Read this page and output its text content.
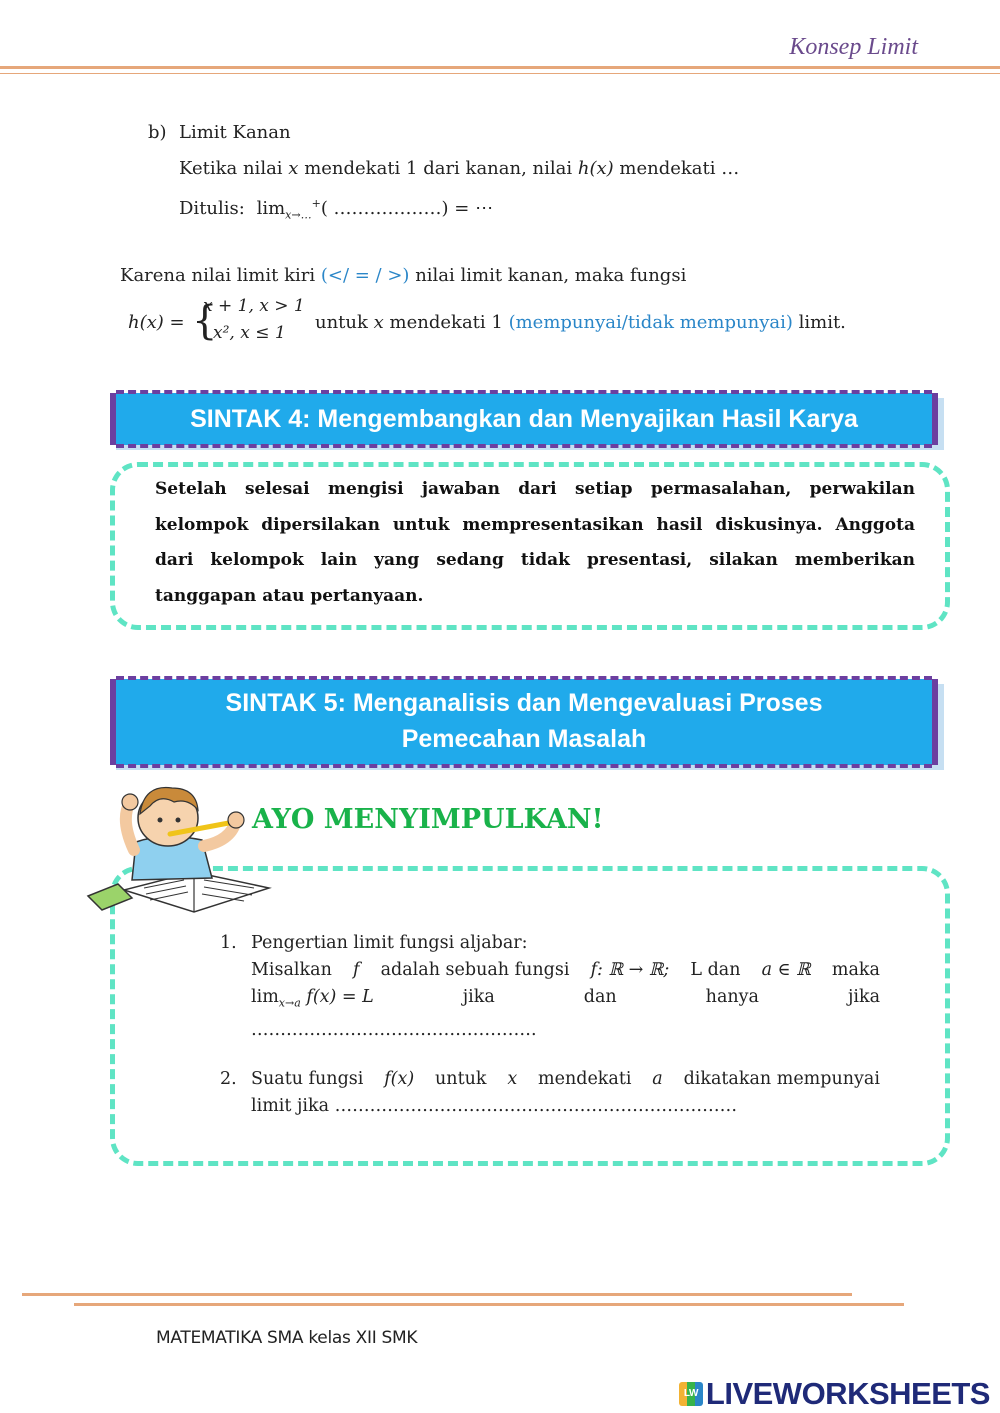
Konsep Limit
b) Limit Kanan
Ketika nilai x mendekati 1 dari kanan, nilai h(x) mendekati …
Ditulis: $\lim_{x\to\dots}^+$( ………………) = ⋯
Karena nilai limit kiri (</ = / >) nilai limit kanan, maka fungsi
h(x) = {
x + 1, x > 1
x², x ≤ 1 untuk x mendekati 1 (mempunyai/tidak mempunyai) limit.
SINTAK 4: Mengembangkan dan Menyajikan Hasil Karya
Setelah selesai mengisi jawaban dari setiap permasalahan, perwakilan kelompok dipersilakan untuk mempresentasikan hasil diskusinya. Anggota dari kelompok lain yang sedang tidak presentasi, silakan memberikan tanggapan atau pertanyaan.
SINTAK 5: Menganalisis dan Mengevaluasi Proses
Pemecahan Masalah
AYO MENYIMPULKAN!
1. Pengertian limit fungsi aljabar:
Misalkan f adalah sebuah fungsi f: ℝ → ℝ; L dan a ∈ ℝ maka
$\lim_{x\to a} f(x) = L$	jika	dan	hanya	jika
………………………………………….
2. Suatu fungsi f(x) untuk x mendekati a dikatakan mempunyai
limit jika ……………………………………………………………
MATEMATIKA SMA kelas XII SMK
LW LIVEWORKSHEETS
